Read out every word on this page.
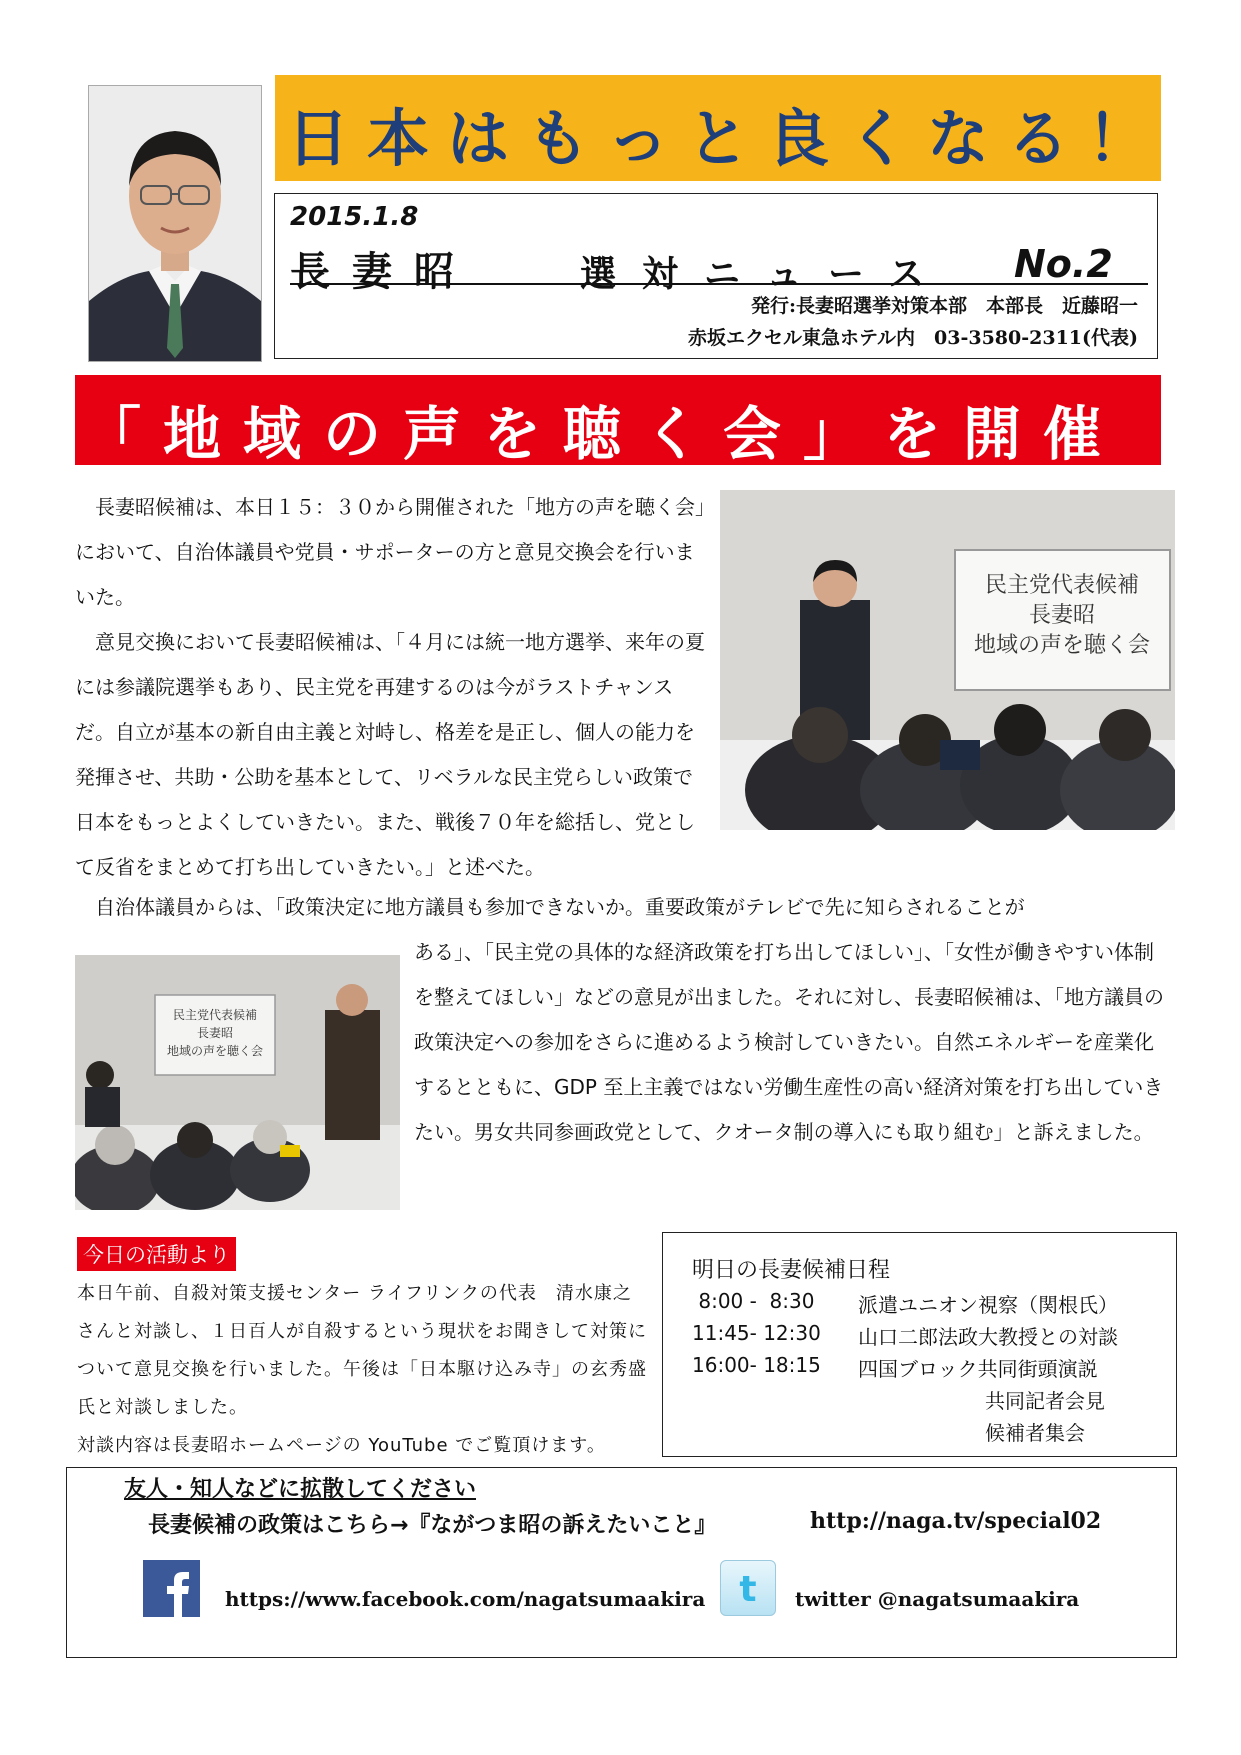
日本はもっと良くなる！
2015.1.8
長妻昭	選対ニュース No.2
発行:長妻昭選挙対策本部　本部長　近藤昭一
赤坂エクセル東急ホテル内　03-3580-2311(代表)
「地域の声を聴く会」を開催
長妻昭候補は、本日１５：３０から開催された「地方の声を聴く会」において、自治体議員や党員・サポーターの方と意見交換会を行いまいた。
意見交換において長妻昭候補は、「４月には統一地方選挙、来年の夏には参議院選挙もあり、民主党を再建するのは今がラストチャンスだ。自立が基本の新自由主義と対峙し、格差を是正し、個人の能力を発揮させ、共助・公助を基本として、リベラルな民主党らしい政策で日本をもっとよくしていきたい。また、戦後７０年を総括し、党として反省をまとめて打ち出していきたい。」と述べた。
民主党代表候補
長妻昭
地域の声を聴く会
自治体議員からは、「政策決定に地方議員も参加できないか。重要政策がテレビで先に知らされることが
ある」、「民主党の具体的な経済政策を打ち出してほしい」、「女性が働きやすい体制を整えてほしい」などの意見が出ました。それに対し、長妻昭候補は、「地方議員の政策決定への参加をさらに進めるよう検討していきたい。自然エネルギーを産業化するとともに、GDP 至上主義ではない労働生産性の高い経済対策を打ち出していきたい。男女共同参画政党として、クオータ制の導入にも取り組む」と訴えました。
民主党代表候補
長妻昭
地域の声を聴く会
今日の活動より
本日午前、自殺対策支援センター ライフリンクの代表　清水康之さんと対談し、１日百人が自殺するという現状をお聞きして対策について意見交換を行いました。午後は「日本駆け込み寺」の玄秀盛氏と対談しました。
対談内容は長妻昭ホームページの YouTube でご覧頂けます。
明日の長妻候補日程
8:00 -  8:30 派遣ユニオン視察（関根氏）
11:45- 12:30 山口二郎法政大教授との対談
16:00- 18:15 四国ブロック共同街頭演説
共同記者会見
候補者集会
友人・知人などに拡散してください
長妻候補の政策はこちら→『ながつま昭の訴えたいこと』	http://naga.tv/special02
https://www.facebook.com/nagatsumaakira t twitter @nagatsumaakira
